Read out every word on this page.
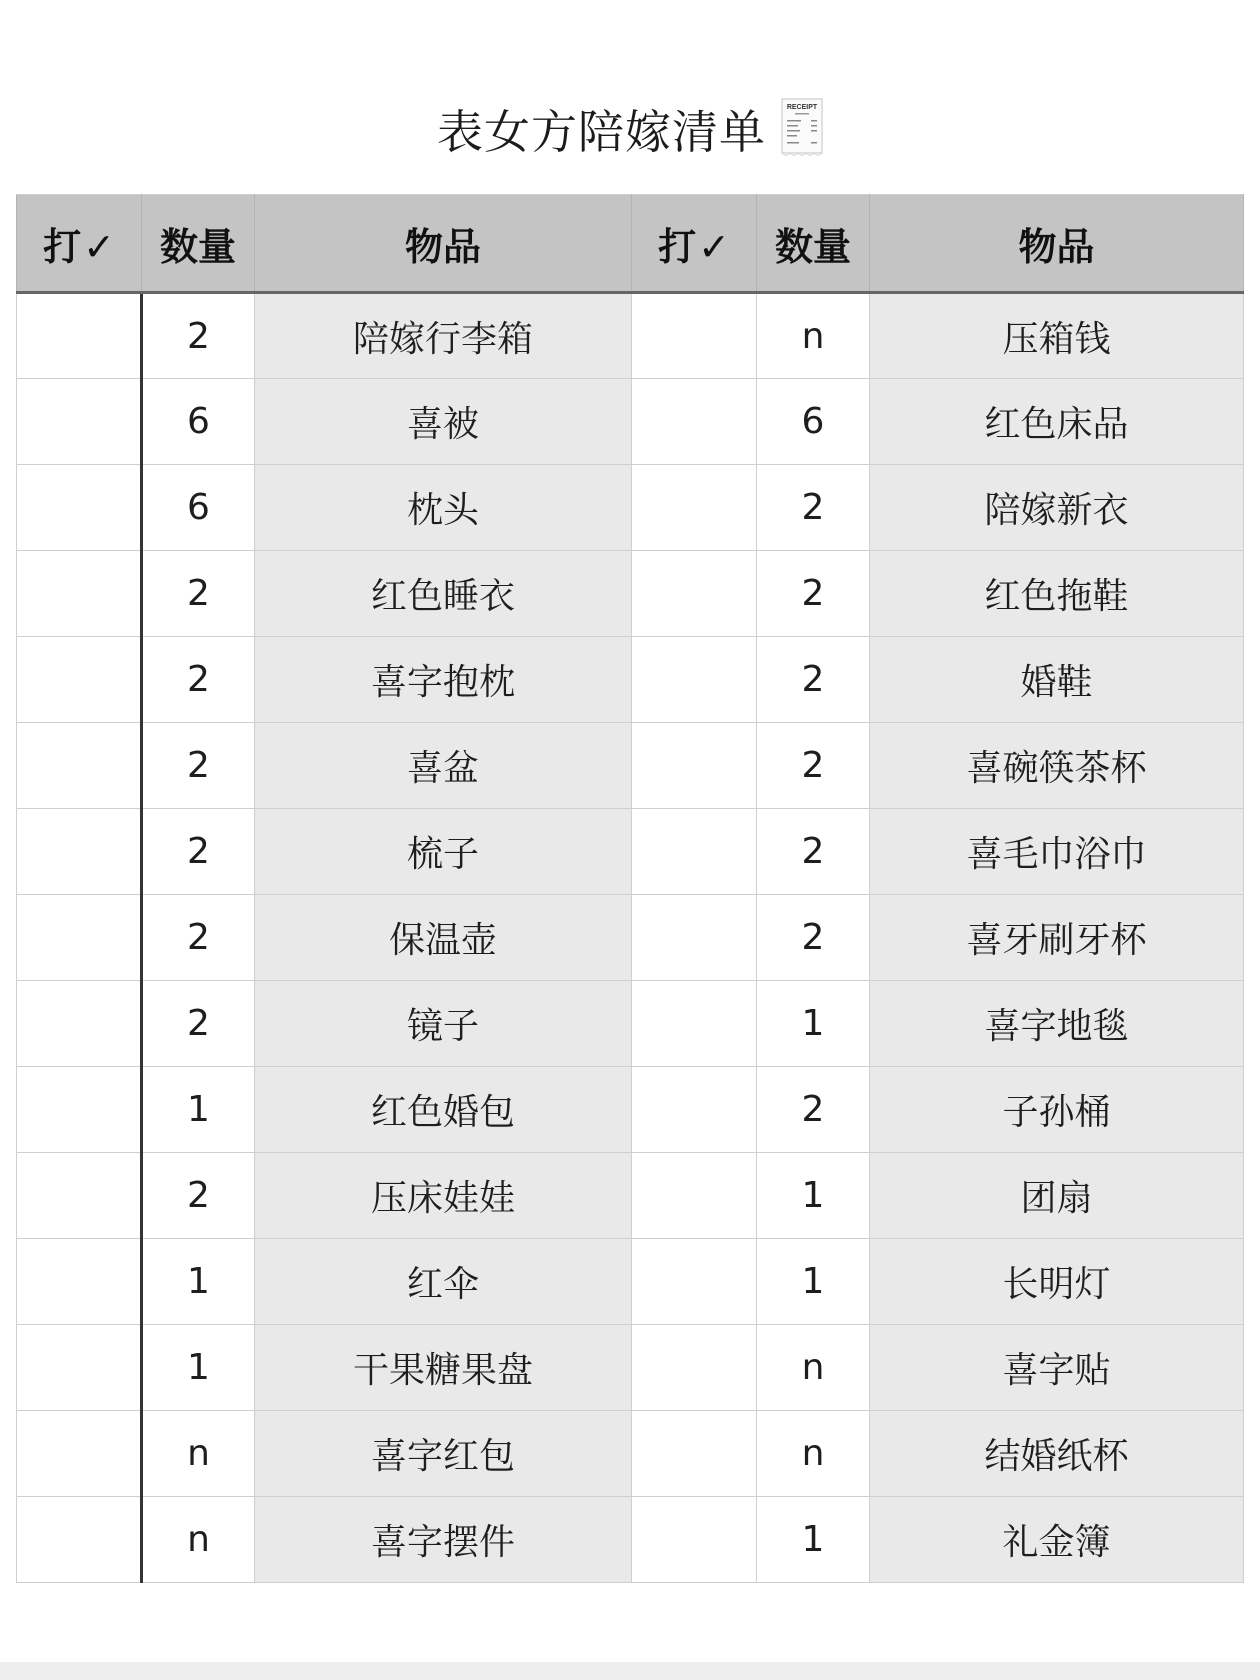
表女方陪嫁清单	RECEIPT
打✓	数量	物品	打✓	数量	物品
	2	陪嫁行李箱		n	压箱钱
	6	喜被		6	红色床品
	6	枕头		2	陪嫁新衣
	2	红色睡衣		2	红色拖鞋
	2	喜字抱枕		2	婚鞋
	2	喜盆		2	喜碗筷茶杯
	2	梳子		2	喜毛巾浴巾
	2	保温壶		2	喜牙刷牙杯
	2	镜子		1	喜字地毯
	1	红色婚包		2	子孙桶
	2	压床娃娃		1	团扇
	1	红伞		1	长明灯
	1	干果糖果盘		n	喜字贴
	n	喜字红包		n	结婚纸杯
	n	喜字摆件		1	礼金簿
